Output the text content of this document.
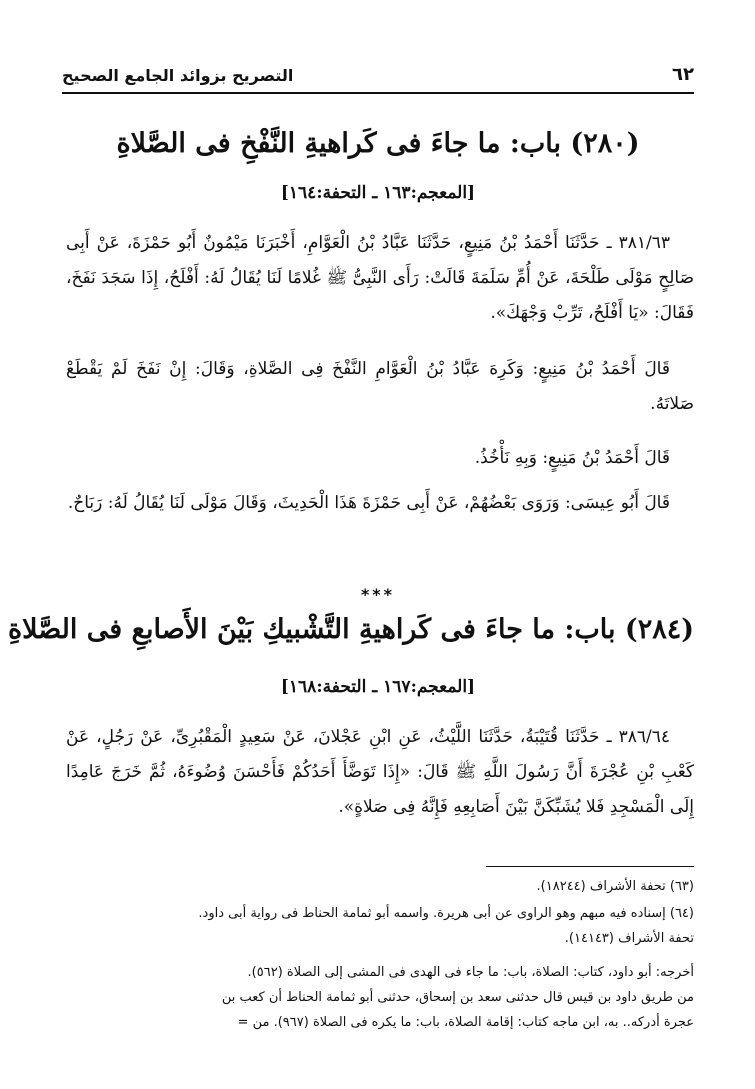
٦٢
التصريح بزوائد الجامع الصحيح
(٢٨٠) باب: ما جاءَ فى كَراهيةِ النَّفْخِ فى الصَّلاةِ
[المعجم:١٦٣ ـ التحفة:١٦٤]
٣٨١/٦٣ ـ حَدَّثَنَا أَحْمَدُ بْنُ مَنِيعٍ، حَدَّثَنَا عَبَّادُ بْنُ الْعَوَّامِ، أَخْبَرَنَا مَيْمُونٌ أَبُو حَمْزَةَ، عَنْ أَبِى صَالِحٍ مَوْلَى طَلْحَةَ، عَنْ أُمِّ سَلَمَةَ قَالَتْ: رَأَى النَّبِىُّ ﷺ غُلامًا لَنَا يُقَالُ لَهُ: أَفْلَحُ، إِذَا سَجَدَ نَفَخَ، فَقَالَ: «يَا أَفْلَحُ، تَرِّبْ وَجْهَكَ».
قَالَ أَحْمَدُ بْنُ مَنِيعٍ: وَكَرِهَ عَبَّادُ بْنُ الْعَوَّامِ النَّفْخَ فِى الصَّلاةِ، وَقَالَ: إِنْ نَفَخَ لَمْ يَقْطَعْ صَلاتَهُ.
قَالَ أَحْمَدُ بْنُ مَنِيعٍ: وَبِهِ نَأْخُذُ.
قَالَ أَبُو عِيسَى: وَرَوَى بَعْضُهُمْ، عَنْ أَبِى حَمْزَةَ هَذَا الْحَدِيثَ، وَقَالَ مَوْلَى لَنَا يُقَالُ لَهُ: رَبَاحٌ.
***
(٢٨٤) باب: ما جاءَ فى كَراهيةِ التَّشْبيكِ بَيْنَ الأَصابعِ فى الصَّلاةِ
[المعجم:١٦٧ ـ التحفة:١٦٨]
٣٨٦/٦٤ ـ حَدَّثَنَا قُتَيْبَةُ، حَدَّثَنَا اللَّيْثُ، عَنِ ابْنِ عَجْلانَ، عَنْ سَعِيدٍ الْمَقْبُرِىِّ، عَنْ رَجُلٍ، عَنْ كَعْبِ بْنِ عُجْرَةَ أَنَّ رَسُولَ اللَّهِ ﷺ قَالَ: «إِذَا تَوَضَّأَ أَحَدُكُمْ فَأَحْسَنَ وُضُوءَهُ، ثُمَّ خَرَجَ عَامِدًا إِلَى الْمَسْجِدِ فَلا يُشَبِّكَنَّ بَيْنَ أَصَابِعِهِ فَإِنَّهُ فِى صَلاةٍ».
(٦٣) تحفة الأشراف (١٨٢٤٤).
(٦٤) إسناده فيه مبهم وهو الراوى عن أبى هريرة. واسمه أبو ثمامة الحناط فى رواية أبى داود.
تحفة الأشراف (١٤١٤٣).
أخرجه: أبو داود، كتاب: الصلاة، باب: ما جاء فى الهدى فى المشى إلى الصلاة (٥٦٢).
من طريق داود بن قيس قال حدثنى سعد بن إسحاق، حدثنى أبو ثمامة الحناط أن كعب بن
عجرة أدركه.. به، ابن ماجه كتاب: إقامة الصلاة، باب: ما يكره فى الصلاة (٩٦٧). من =
